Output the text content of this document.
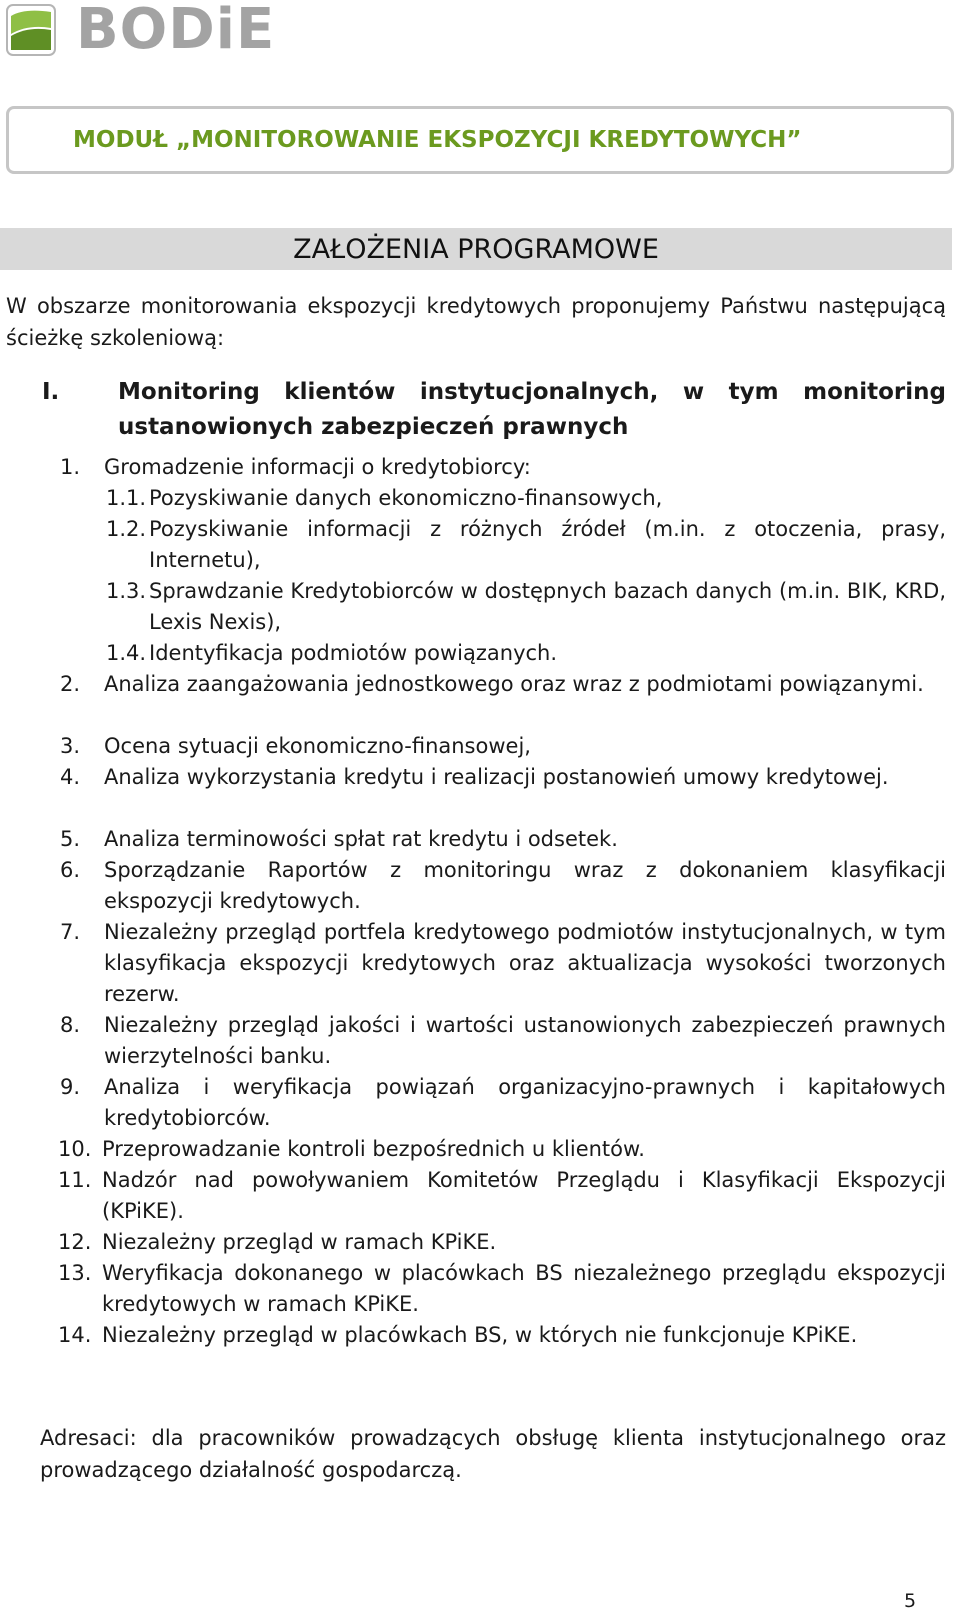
BODiE
MODUŁ „MONITOROWANIE EKSPOZYCJI KREDYTOWYCH”
ZAŁOŻENIA PROGRAMOWE
W obszarze monitorowania ekspozycji kredytowych proponujemy Państwu następującą ścieżkę szkoleniową:
I.	Monitoring klientów instytucjonalnych, w tym monitoring ustanowionych zabezpieczeń prawnych
1. Gromadzenie informacji o kredytobiorcy:
1.1. Pozyskiwanie danych ekonomiczno-finansowych,
1.2. Pozyskiwanie informacji z różnych źródeł (m.in. z otoczenia, prasy, Internetu),
1.3. Sprawdzanie Kredytobiorców w dostępnych bazach danych (m.in. BIK, KRD, Lexis Nexis),
1.4. Identyfikacja podmiotów powiązanych.
2. Analiza zaangażowania jednostkowego oraz wraz z podmiotami powiązanymi.
3. Ocena sytuacji ekonomiczno-finansowej,
4. Analiza wykorzystania kredytu i realizacji postanowień umowy kredytowej.
5. Analiza terminowości spłat rat kredytu i odsetek.
6. Sporządzanie Raportów z monitoringu wraz z dokonaniem klasyfikacji ekspozycji kredytowych.
7. Niezależny przegląd portfela kredytowego podmiotów instytucjonalnych, w tym klasyfikacja ekspozycji kredytowych oraz aktualizacja wysokości tworzonych rezerw.
8. Niezależny przegląd jakości i wartości ustanowionych zabezpieczeń prawnych wierzytelności banku.
9. Analiza i weryfikacja powiązań organizacyjno-prawnych i kapitałowych kredytobiorców.
10. Przeprowadzanie kontroli bezpośrednich u klientów.
11. Nadzór nad powoływaniem Komitetów Przeglądu i Klasyfikacji Ekspozycji (KPiKE).
12. Niezależny przegląd w ramach KPiKE.
13. Weryfikacja dokonanego w placówkach BS niezależnego przeglądu ekspozycji kredytowych w ramach KPiKE.
14. Niezależny przegląd w placówkach BS, w których nie funkcjonuje KPiKE.
Adresaci: dla pracowników prowadzących obsługę klienta instytucjonalnego oraz prowadzącego działalność gospodarczą.
5
